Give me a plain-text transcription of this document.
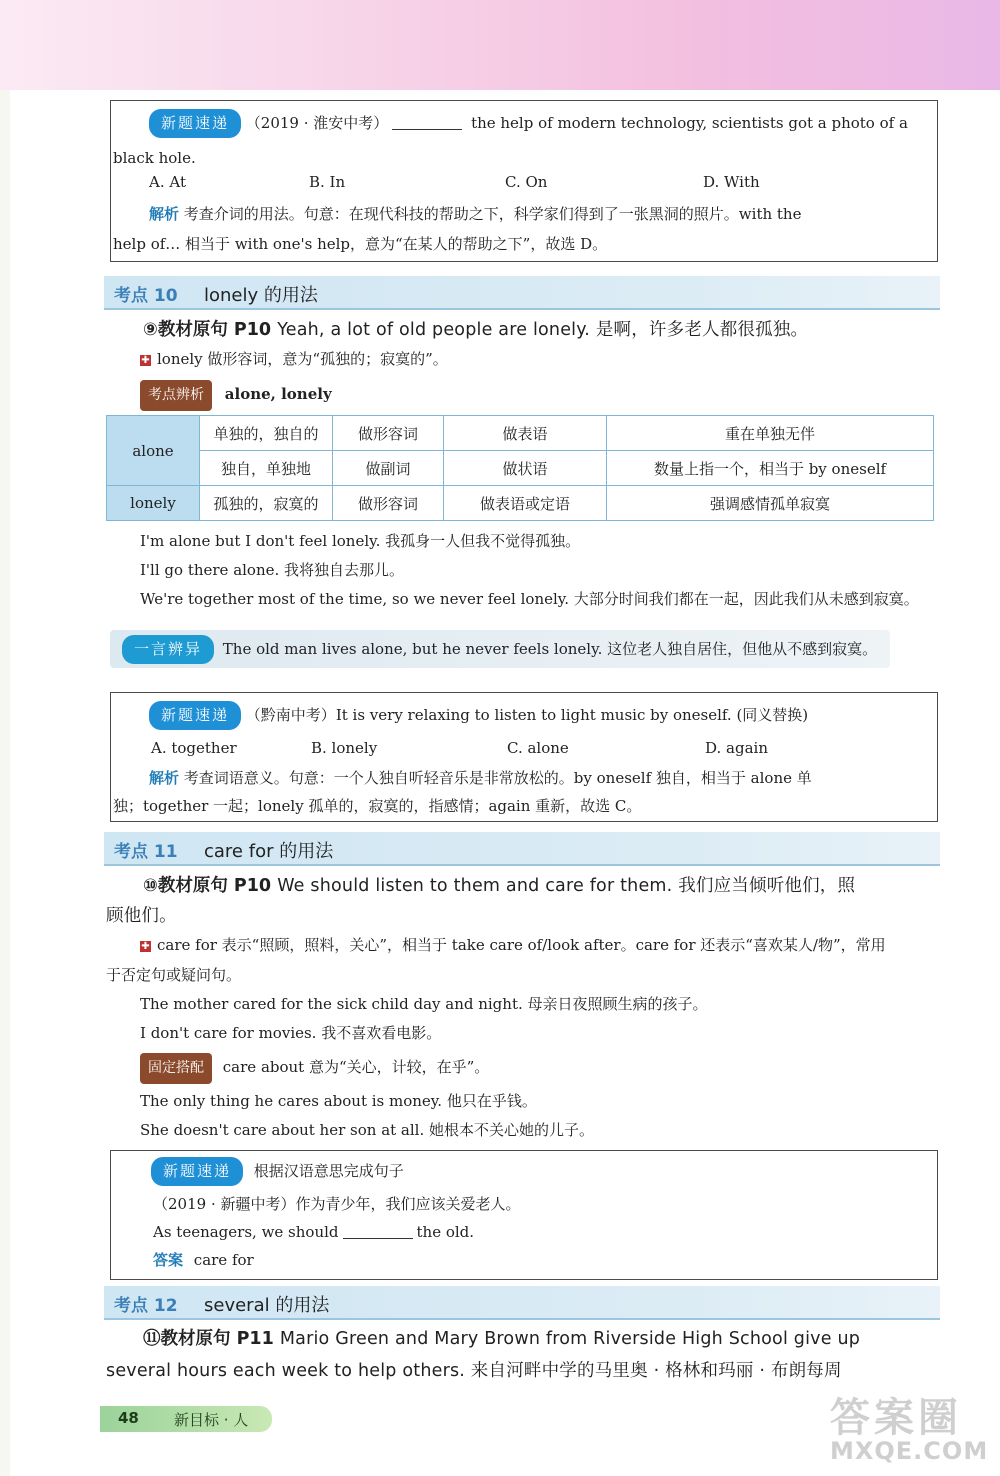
新题速递 （2019 · 淮安中考）	the help of modern technology, scientists got a photo of a
black hole.
A. At	B. In	C. On	D. With
解析 考查介词的用法。句意：在现代科技的帮助之下，科学家们得到了一张黑洞的照片。with the
help of… 相当于 with one's help，意为“在某人的帮助之下”，故选 D。
考点 10 lonely 的用法
⑨教材原句 P10 Yeah, a lot of old people are lonely. 是啊，许多老人都很孤独。
✚ lonely 做形容词，意为“孤独的；寂寞的”。
考点辨析 alone, lonely
alone	单独的，独自的	做形容词	做表语	重在单独无伴
	独自，单独地	做副词	做状语	数量上指一个，相当于 by oneself
lonely	孤独的，寂寞的	做形容词	做表语或定语	强调感情孤单寂寞
I'm alone but I don't feel lonely. 我孤身一人但我不觉得孤独。
I'll go there alone. 我将独自去那儿。
We're together most of the time, so we never feel lonely. 大部分时间我们都在一起，因此我们从未感到寂寞。
一言辨异 The old man lives alone, but he never feels lonely. 这位老人独自居住，但他从不感到寂寞。
新题速递 （黔南中考）It is very relaxing to listen to light music by oneself. (同义替换)
A. together	B. lonely	C. alone	D. again
解析 考查词语意义。句意：一个人独自听轻音乐是非常放松的。by oneself 独自，相当于 alone 单
独；together 一起；lonely 孤单的，寂寞的，指感情；again 重新，故选 C。
考点 11 care for 的用法
⑩教材原句 P10 We should listen to them and care for them. 我们应当倾听他们，照
顾他们。
✚ care for 表示“照顾，照料，关心”，相当于 take care of/look after。care for 还表示“喜欢某人/物”，常用
于否定句或疑问句。
The mother cared for the sick child day and night. 母亲日夜照顾生病的孩子。
I don't care for movies. 我不喜欢看电影。
固定搭配 care about 意为“关心，计较，在乎”。
The only thing he cares about is money. 他只在乎钱。
She doesn't care about her son at all. 她根本不关心她的儿子。
新题速递 根据汉语意思完成句子
（2019 · 新疆中考）作为青少年，我们应该关爱老人。
As teenagers, we should	the old.
答案 care for
考点 12 several 的用法
⑪教材原句 P11 Mario Green and Mary Brown from Riverside High School give up
several hours each week to help others. 来自河畔中学的马里奥 · 格林和玛丽 · 布朗每周
48 新目标 · 人	答案圈
MXQE.COM
